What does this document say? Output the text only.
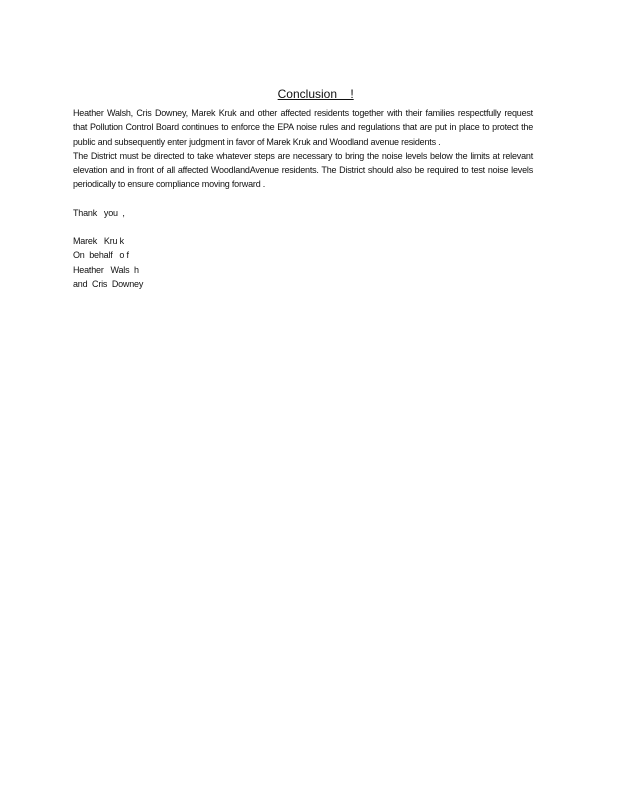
Conclusion    !

Heather Walsh, Cris Downey, Marek Kruk and other affected residents together with their families respectfully request that Pollution Control Board continues to enforce the EPA noise rules and regulations that are put in place to protect the public and subsequently enter judgment in favor of Marek Kruk and Woodland avenue residents .

The District must be directed to take whatever steps are necessary to bring the noise levels below the limits at relevant elevation and in front of all affected WoodlandAvenue residents. The District should also be required to test noise levels periodically to ensure compliance moving forward .

Thank   you  ,

Marek   Kru k
On  behalf   o f
Heather   Wals  h
and  Cris  Downey
